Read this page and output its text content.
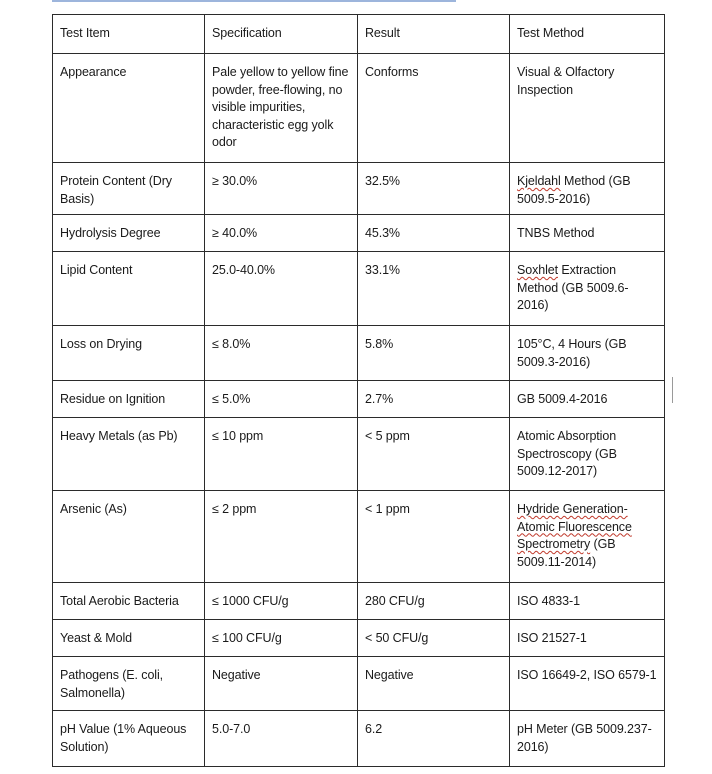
Test Item	Specification	Result	Test Method
Appearance	Pale yellow to yellow fine powder, free-flowing, no visible impurities, characteristic egg yolk odor	Conforms	Visual & Olfactory Inspection
Protein Content (Dry Basis)	≥ 30.0%	32.5%	Kjeldahl Method (GB 5009.5-2016)
Hydrolysis Degree	≥ 40.0%	45.3%	TNBS Method
Lipid Content	25.0-40.0%	33.1%	Soxhlet Extraction Method (GB 5009.6-2016)
Loss on Drying	≤ 8.0%	5.8%	105°C, 4 Hours (GB 5009.3-2016)
Residue on Ignition	≤ 5.0%	2.7%	GB 5009.4-2016
Heavy Metals (as Pb)	≤ 10 ppm	< 5 ppm	Atomic Absorption Spectroscopy (GB 5009.12-2017)
Arsenic (As)	≤ 2 ppm	< 1 ppm	Hydride Generation-Atomic Fluorescence Spectrometry (GB 5009.11-2014)
Total Aerobic Bacteria	≤ 1000 CFU/g	280 CFU/g	ISO 4833-1
Yeast & Mold	≤ 100 CFU/g	< 50 CFU/g	ISO 21527-1
Pathogens (E. coli, Salmonella)	Negative	Negative	ISO 16649-2, ISO 6579-1
pH Value (1% Aqueous Solution)	5.0-7.0	6.2	pH Meter (GB 5009.237-2016)
